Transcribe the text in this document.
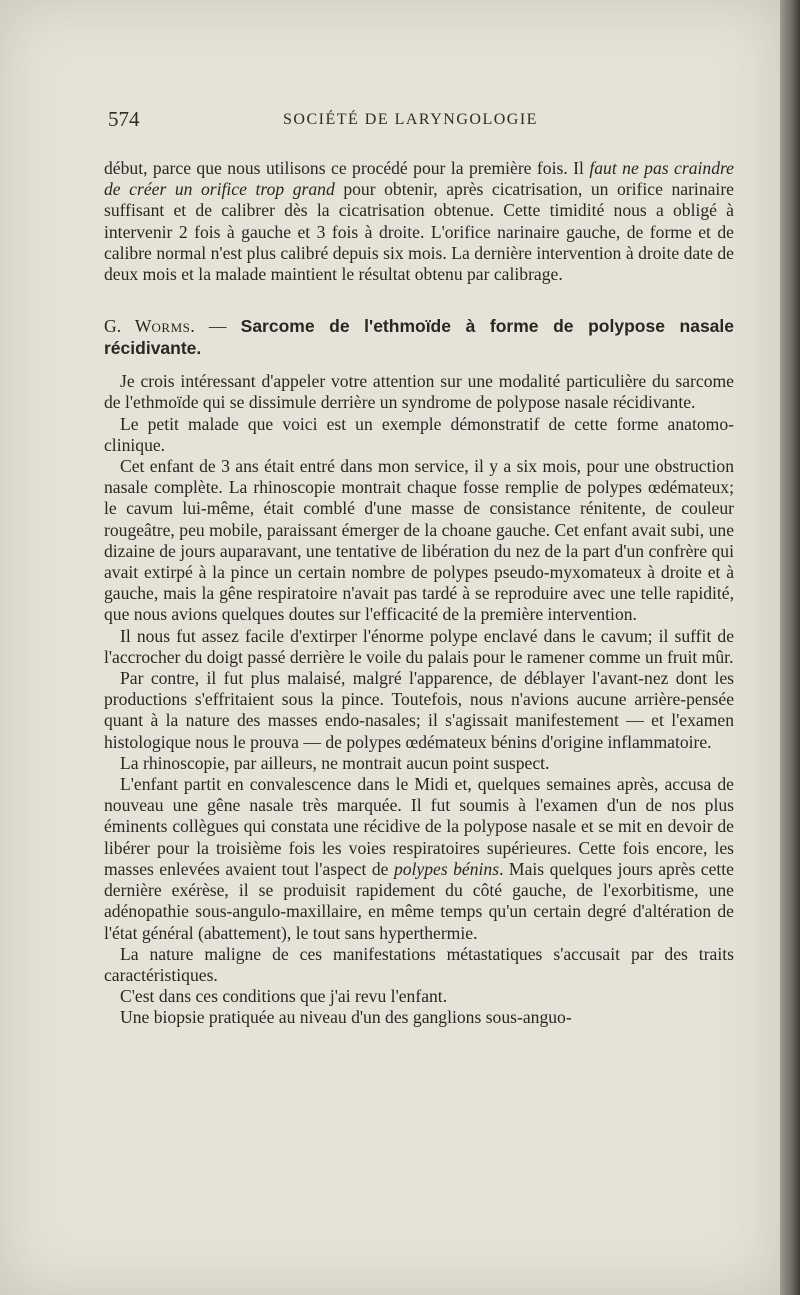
574	SOCIÉTÉ DE LARYNGOLOGIE

début, parce que nous utilisons ce procédé pour la première fois. Il faut ne pas craindre de créer un orifice trop grand pour obtenir, après cicatrisation, un orifice narinaire suffisant et de calibrer dès la cicatrisation obtenue. Cette timidité nous a obligé à intervenir 2 fois à gauche et 3 fois à droite. L'orifice narinaire gauche, de forme et de calibre normal n'est plus calibré depuis six mois. La dernière intervention à droite date de deux mois et la malade maintient le résultat obtenu par calibrage.

G. WORMS. — Sarcome de l'ethmoïde à forme de polypose nasale récidivante.

Je crois intéressant d'appeler votre attention sur une modalité particulière du sarcome de l'ethmoïde qui se dissimule derrière un syndrome de polypose nasale récidivante.

Le petit malade que voici est un exemple démonstratif de cette forme anatomo-clinique.

Cet enfant de 3 ans était entré dans mon service, il y a six mois, pour une obstruction nasale complète. La rhinoscopie montrait chaque fosse remplie de polypes œdémateux; le cavum lui-même, était comblé d'une masse de consistance rénitente, de couleur rougeâtre, peu mobile, paraissant émerger de la choane gauche. Cet enfant avait subi, une dizaine de jours auparavant, une tentative de libération du nez de la part d'un confrère qui avait extirpé à la pince un certain nombre de polypes pseudo-myxomateux à droite et à gauche, mais la gêne respiratoire n'avait pas tardé à se reproduire avec une telle rapidité, que nous avions quelques doutes sur l'efficacité de la première intervention.

Il nous fut assez facile d'extirper l'énorme polype enclavé dans le cavum; il suffit de l'accrocher du doigt passé derrière le voile du palais pour le ramener comme un fruit mûr.

Par contre, il fut plus malaisé, malgré l'apparence, de déblayer l'avant-nez dont les productions s'effritaient sous la pince. Toutefois, nous n'avions aucune arrière-pensée quant à la nature des masses endo-nasales; il s'agissait manifestement — et l'examen histologique nous le prouva — de polypes œdémateux bénins d'origine inflammatoire.

La rhinoscopie, par ailleurs, ne montrait aucun point suspect.

L'enfant partit en convalescence dans le Midi et, quelques semaines après, accusa de nouveau une gêne nasale très marquée. Il fut soumis à l'examen d'un de nos plus éminents collègues qui constata une récidive de la polypose nasale et se mit en devoir de libérer pour la troisième fois les voies respiratoires supérieures. Cette fois encore, les masses enlevées avaient tout l'aspect de polypes bénins. Mais quelques jours après cette dernière exérèse, il se produisit rapidement du côté gauche, de l'exorbitisme, une adénopathie sous-angulo-maxillaire, en même temps qu'un certain degré d'altération de l'état général (abattement), le tout sans hyperthermie.

La nature maligne de ces manifestations métastatiques s'accusait par des traits caractéristiques.

C'est dans ces conditions que j'ai revu l'enfant.

Une biopsie pratiquée au niveau d'un des ganglions sous-anguo-
